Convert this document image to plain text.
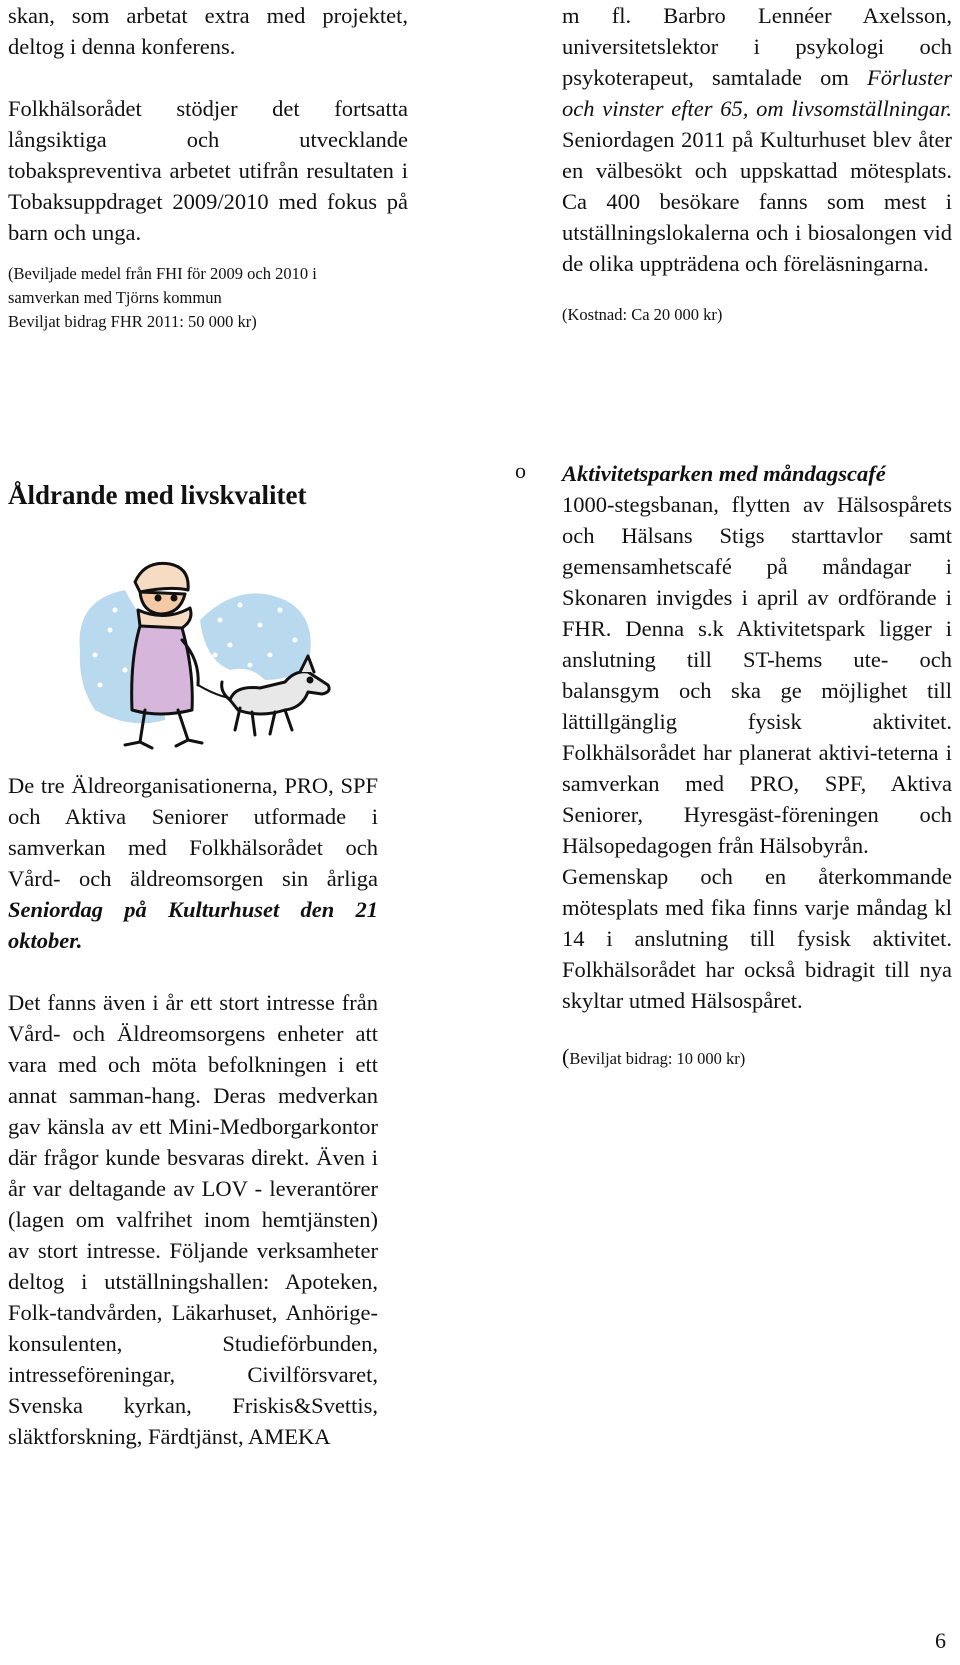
skan, som arbetat extra med projektet, deltog i denna konferens.

Folkhälsorådet stödjer det fortsatta långsiktiga och utvecklande tobakspreventiva arbetet utifrån resultaten i Tobaksuppdraget 2009/2010 med fokus på barn och unga.

(Beviljade medel från FHI för 2009 och 2010 i

samverkan med Tjörns kommun

Beviljat bidrag FHR 2011: 50 000 kr)

m fl. Barbro Lennéer Axelsson, universitetslektor i psykologi och psykoterapeut, samtalade om Förluster och vinster efter 65, om livsomställningar. Seniordagen 2011 på Kulturhuset blev åter en välbesökt och uppskattad mötesplats. Ca 400 besökare fanns som mest i utställningslokalerna och i biosalongen vid de olika uppträdena och föreläsningarna.

(Kostnad: Ca 20 000 kr)

Åldrande med livskvalitet

De tre Äldreorganisationerna, PRO, SPF och Aktiva Seniorer utformade i samverkan med Folkhälsorådet och Vård- och äldreomsorgen sin årliga Seniordag på Kulturhuset den 21 oktober.

Det fanns även i år ett stort intresse från Vård- och Äldreomsorgens enheter att vara med och möta befolkningen i ett annat samman-hang. Deras medverkan gav känsla av ett Mini-Medborgarkontor där frågor kunde besvaras direkt. Även i år var deltagande av LOV - leverantörer (lagen om valfrihet inom hemtjänsten) av stort intresse. Följande verksamheter deltog i utställningshallen: Apoteken, Folk-tandvården, Läkarhuset, Anhörige-konsulenten, Studieförbunden, intresseföreningar, Civilförsvaret, Svenska kyrkan, Friskis&Svettis, släktforskning, Färdtjänst, AMEKA

o Aktivitetsparken med måndagscafé

1000-stegsbanan, flytten av Hälsospårets och Hälsans Stigs starttavlor samt gemensamhetscafé på måndagar i Skonaren invigdes i april av ordförande i FHR. Denna s.k Aktivitetspark ligger i anslutning till ST-hems ute- och balansgym och ska ge möjlighet till lättillgänglig fysisk aktivitet. Folkhälsorådet har planerat aktivi-teterna i samverkan med PRO, SPF, Aktiva Seniorer, Hyresgäst-föreningen och Hälsopedagogen från Hälsobyrån.

Gemenskap och en återkommande mötesplats med fika finns varje måndag kl 14 i anslutning till fysisk aktivitet. Folkhälsorådet har också bidragit till nya skyltar utmed Hälsospåret.

(Beviljat bidrag: 10 000 kr)

6
